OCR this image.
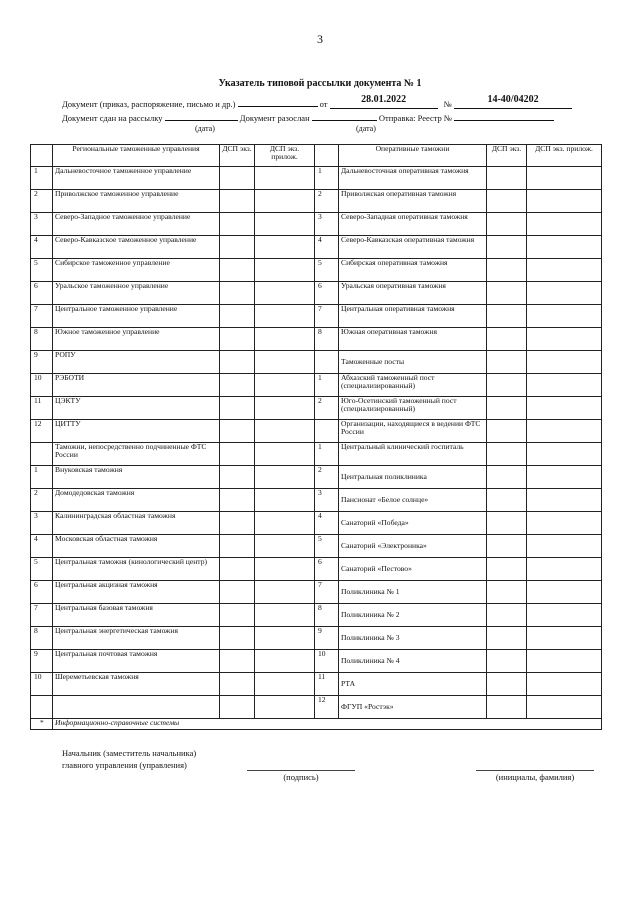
3
Указатель типовой рассылки документа № 1
Документ (приказ, распоряжение, письмо и др.)	от	28.01.2022	№	14-40/04202
Документ сдан на рассылку	Документ разослан	Отправка: Реестр №
(дата)	(дата)
	Региональные таможенные управления	ДСП экз.	ДСП экз. прилож.		Оперативные таможни	ДСП экз.	ДСП экз. прилож.
1	Дальневосточное таможенное управление			1	Дальневосточная оперативная таможня		
2	Приволжское таможенное управление			2	Приволжская оперативная таможня		
3	Северо-Западное таможенное управление			3	Северо-Западная оперативная таможня		
4	Северо-Кавказское таможенное управление			4	Северо-Кавказская оперативная таможня		
5	Сибирское таможенное управление			5	Сибирская оперативная таможня		
6	Уральское таможенное управление			6	Уральская оперативная таможня		
7	Центральное таможенное управление			7	Центральная оперативная таможня		
8	Южное таможенное управление			8	Южная оперативная таможня		
9	РОПУ				Таможенные посты		
10	РЭБОТИ			1	Абхазский таможенный пост (специализированный)		
11	ЦЭКТУ			2	Юго-Осетинский таможенный пост (специализированный)		
12	ЦИТТУ				Организации, находящиеся в ведении ФТС России		
	Таможни, непосредственно подчиненные ФТС России			1	Центральный клинический госпиталь		
1	Внуковская таможня			2	Центральная поликлиника		
2	Домодедовская таможня			3	Пансионат «Белое солнце»		
3	Калининградская областная таможня			4	Санаторий «Победа»		
4	Московская областная таможня			5	Санаторий «Электроника»		
5	Центральная таможня (кинологический центр)			6	Санаторий «Пестово»		
6	Центральная акцизная таможня			7	Поликлиника № 1		
7	Центральная базовая таможня			8	Поликлиника № 2		
8	Центральная энергетическая таможня			9	Поликлиника № 3		
9	Центральная почтовая таможня			10	Поликлиника № 4		
10	Шереметьевская таможня			11	РТА		
				12	ФГУП «Ростэк»		
*	Информационно-справочные системы						
Начальник (заместитель начальника)
главного управления (управления)
(подпись)	(инициалы, фамилия)
